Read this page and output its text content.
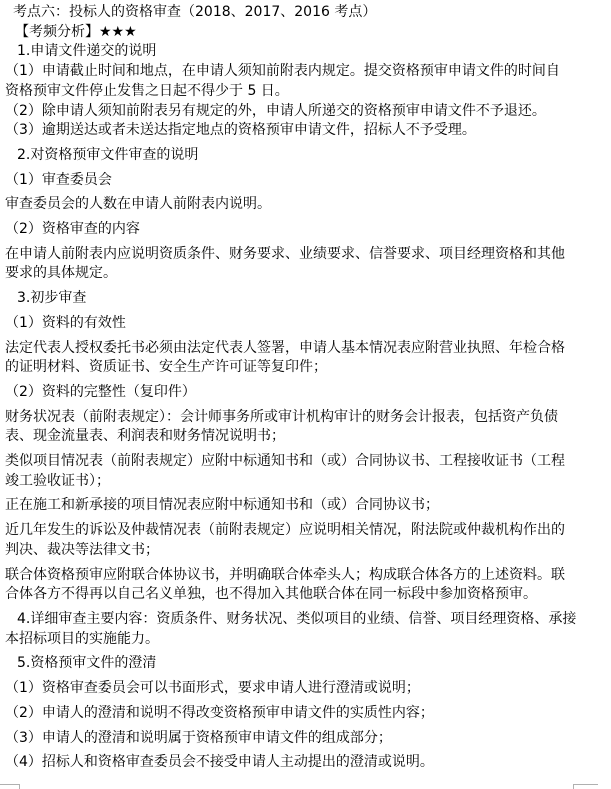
考点六：投标人的资格审查（2018、2017、2016 考点）

【考频分析】★★★

1.申请文件递交的说明

（1）申请截止时间和地点，在申请人须知前附表内规定。提交资格预审申请文件的时间自
资格预审文件停止发售之日起不得少于 5 日。

（2）除申请人须知前附表另有规定的外，申请人所递交的资格预审申请文件不予退还。

（3）逾期送达或者未送达指定地点的资格预审申请文件，招标人不予受理。

2.对资格预审文件审查的说明

（1）审查委员会

审查委员会的人数在申请人前附表内说明。

（2）资格审查的内容

在申请人前附表内应说明资质条件、财务要求、业绩要求、信誉要求、项目经理资格和其他
要求的具体规定。

3.初步审查

（1）资料的有效性

法定代表人授权委托书必须由法定代表人签署，申请人基本情况表应附营业执照、年检合格
的证明材料、资质证书、安全生产许可证等复印件；

（2）资料的完整性（复印件）

财务状况表（前附表规定）：会计师事务所或审计机构审计的财务会计报表，包括资产负债
表、现金流量表、利润表和财务情况说明书；

类似项目情况表（前附表规定）应附中标通知书和（或）合同协议书、工程接收证书（工程
竣工验收证书）；

正在施工和新承接的项目情况表应附中标通知书和（或）合同协议书；

近几年发生的诉讼及仲裁情况表（前附表规定）应说明相关情况，附法院或仲裁机构作出的
判决、裁决等法律文书；

联合体资格预审应附联合体协议书，并明确联合体牵头人；构成联合体各方的上述资料。联
合体各方不得再以自己名义单独，也不得加入其他联合体在同一标段中参加资格预审。

4.详细审查主要内容：资质条件、财务状况、类似项目的业绩、信誉、项目经理资格、承接
本招标项目的实施能力。

5.资格预审文件的澄清

（1）资格审查委员会可以书面形式，要求申请人进行澄清或说明；

（2）申请人的澄清和说明不得改变资格预审申请文件的实质性内容；

（3）申请人的澄清和说明属于资格预审申请文件的组成部分；

（4）招标人和资格审查委员会不接受申请人主动提出的澄清或说明。
